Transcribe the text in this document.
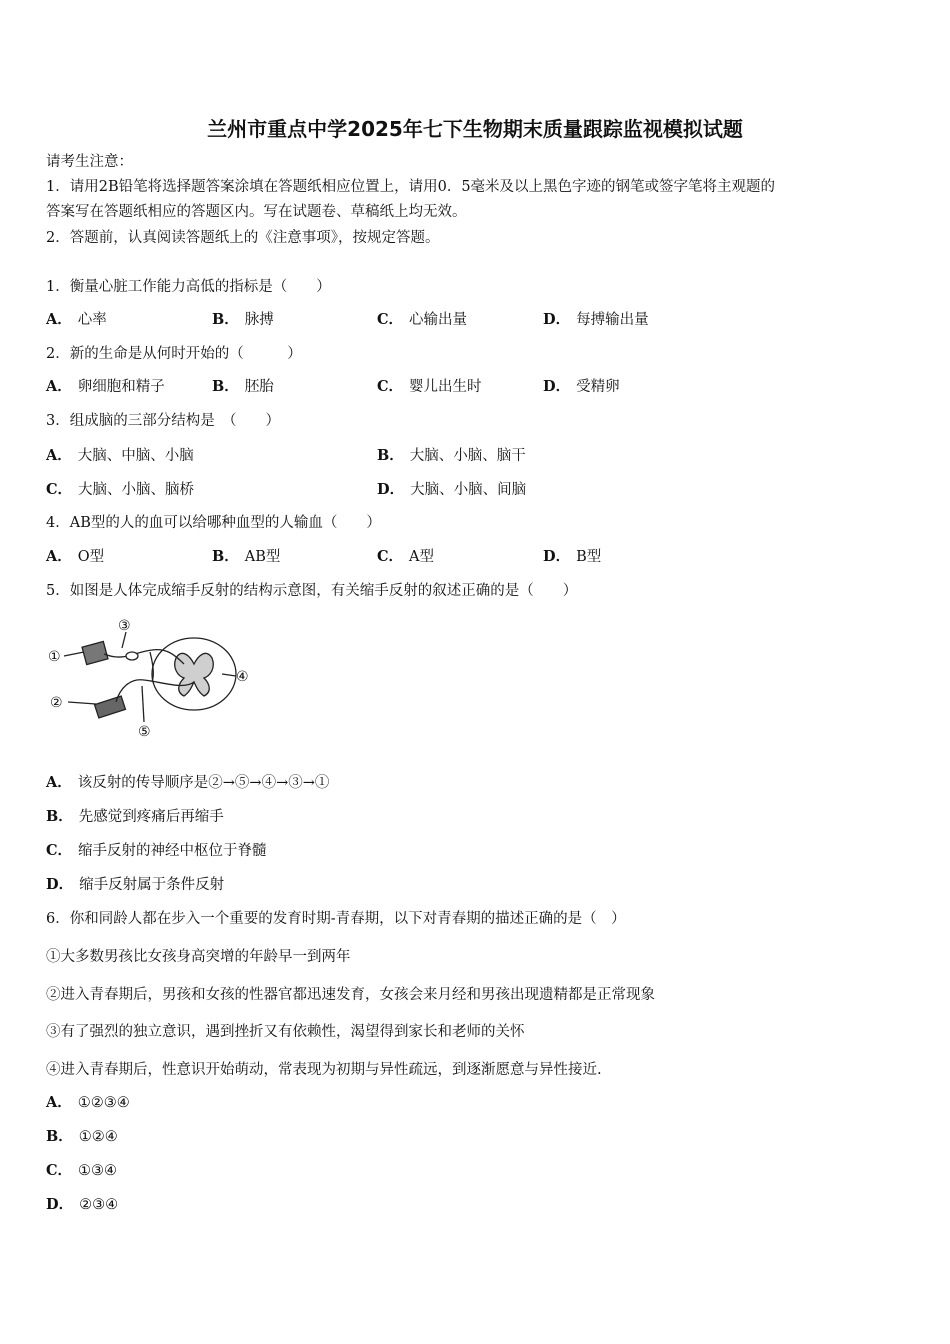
兰州市重点中学2025年七下生物期末质量跟踪监视模拟试题
请考生注意：
1．请用2B铅笔将选择题答案涂填在答题纸相应位置上，请用0．5毫米及以上黑色字迹的钢笔或签字笔将主观题的
答案写在答题纸相应的答题区内。写在试题卷、草稿纸上均无效。
2．答题前，认真阅读答题纸上的《注意事项》，按规定答题。
1．衡量心脏工作能力高低的指标是（　　）
A． 心率	B． 脉搏	C． 心输出量	D． 每搏输出量
2．新的生命是从何时开始的（　　　）
A． 卵细胞和精子	B． 胚胎	C． 婴儿出生时	D． 受精卵
3．组成脑的三部分结构是　（　　）
A． 大脑、中脑、小脑	B． 大脑、小脑、脑干
C． 大脑、小脑、脑桥	D． 大脑、小脑、间脑
4．AB型的人的血可以给哪种血型的人输血（　　）
A． O型	B． AB型	C． A型	D． B型
5．如图是人体完成缩手反射的结构示意图，有关缩手反射的叙述正确的是（　　）
①
②
③
④
⑤
A． 该反射的传导顺序是②→⑤→④→③→①
B． 先感觉到疼痛后再缩手
C． 缩手反射的神经中枢位于脊髓
D． 缩手反射属于条件反射
6．你和同龄人都在步入一个重要的发育时期-青春期，以下对青春期的描述正确的是（　）
①大多数男孩比女孩身高突增的年龄早一到两年
②进入青春期后，男孩和女孩的性器官都迅速发育，女孩会来月经和男孩出现遗精都是正常现象
③有了强烈的独立意识，遇到挫折又有依赖性，渴望得到家长和老师的关怀
④进入青春期后，性意识开始萌动，常表现为初期与异性疏远，到逐渐愿意与异性接近.
A． ①②③④
B． ①②④
C． ①③④
D． ②③④
